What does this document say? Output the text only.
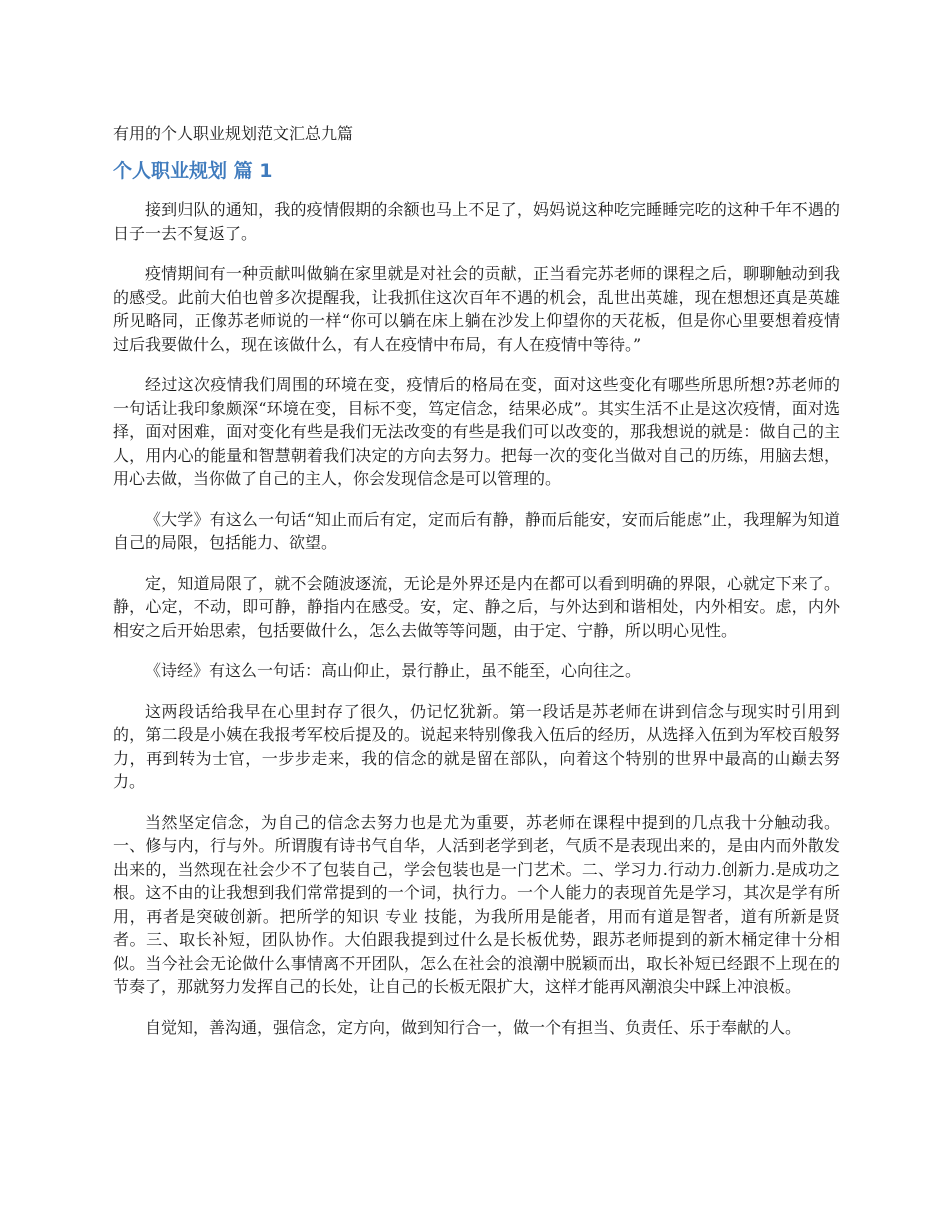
有用的个人职业规划范文汇总九篇
个人职业规划 篇 1

接到归队的通知，我的疫情假期的余额也马上不足了，妈妈说这种吃完睡睡完吃的这种千年不遇的日子一去不复返了。

疫情期间有一种贡献叫做躺在家里就是对社会的贡献，正当看完苏老师的课程之后，聊聊触动到我的感受。此前大伯也曾多次提醒我，让我抓住这次百年不遇的机会，乱世出英雄，现在想想还真是英雄所见略同，正像苏老师说的一样“你可以躺在床上躺在沙发上仰望你的天花板，但是你心里要想着疫情过后我要做什么，现在该做什么，有人在疫情中布局，有人在疫情中等待。”

经过这次疫情我们周围的环境在变，疫情后的格局在变，面对这些变化有哪些所思所想?苏老师的一句话让我印象颇深“环境在变，目标不变，笃定信念，结果必成”。其实生活不止是这次疫情，面对选择，面对困难，面对变化有些是我们无法改变的有些是我们可以改变的，那我想说的就是：做自己的主人，用内心的能量和智慧朝着我们决定的方向去努力。把每一次的变化当做对自己的历练，用脑去想，用心去做，当你做了自己的主人，你会发现信念是可以管理的。

《大学》有这么一句话“知止而后有定，定而后有静，静而后能安，安而后能虑”止，我理解为知道自己的局限，包括能力、欲望。

定，知道局限了，就不会随波逐流，无论是外界还是内在都可以看到明确的界限，心就定下来了。静，心定，不动，即可静，静指内在感受。安，定、静之后，与外达到和谐相处，内外相安。虑，内外相安之后开始思索，包括要做什么，怎么去做等等问题，由于定、宁静，所以明心见性。

《诗经》有这么一句话：高山仰止，景行静止，虽不能至，心向往之。

这两段话给我早在心里封存了很久，仍记忆犹新。第一段话是苏老师在讲到信念与现实时引用到的，第二段是小姨在我报考军校后提及的。说起来特别像我入伍后的经历，从选择入伍到为军校百般努力，再到转为士官，一步步走来，我的信念的就是留在部队，向着这个特别的世界中最高的山巅去努力。

当然坚定信念，为自己的信念去努力也是尤为重要，苏老师在课程中提到的几点我十分触动我。一、修与内，行与外。所谓腹有诗书气自华，人活到老学到老，气质不是表现出来的，是由内而外散发出来的，当然现在社会少不了包装自己，学会包装也是一门艺术。二、学习力.行动力.创新力.是成功之根。这不由的让我想到我们常常提到的一个词，执行力。一个人能力的表现首先是学习，其次是学有所用，再者是突破创新。把所学的知识 专业 技能，为我所用是能者，用而有道是智者，道有所新是贤者。三、取长补短，团队协作。大伯跟我提到过什么是长板优势，跟苏老师提到的新木桶定律十分相似。当今社会无论做什么事情离不开团队，怎么在社会的浪潮中脱颖而出，取长补短已经跟不上现在的节奏了，那就努力发挥自己的长处，让自己的长板无限扩大，这样才能再风潮浪尖中踩上冲浪板。

自觉知，善沟通，强信念，定方向，做到知行合一，做一个有担当、负责任、乐于奉献的人。
